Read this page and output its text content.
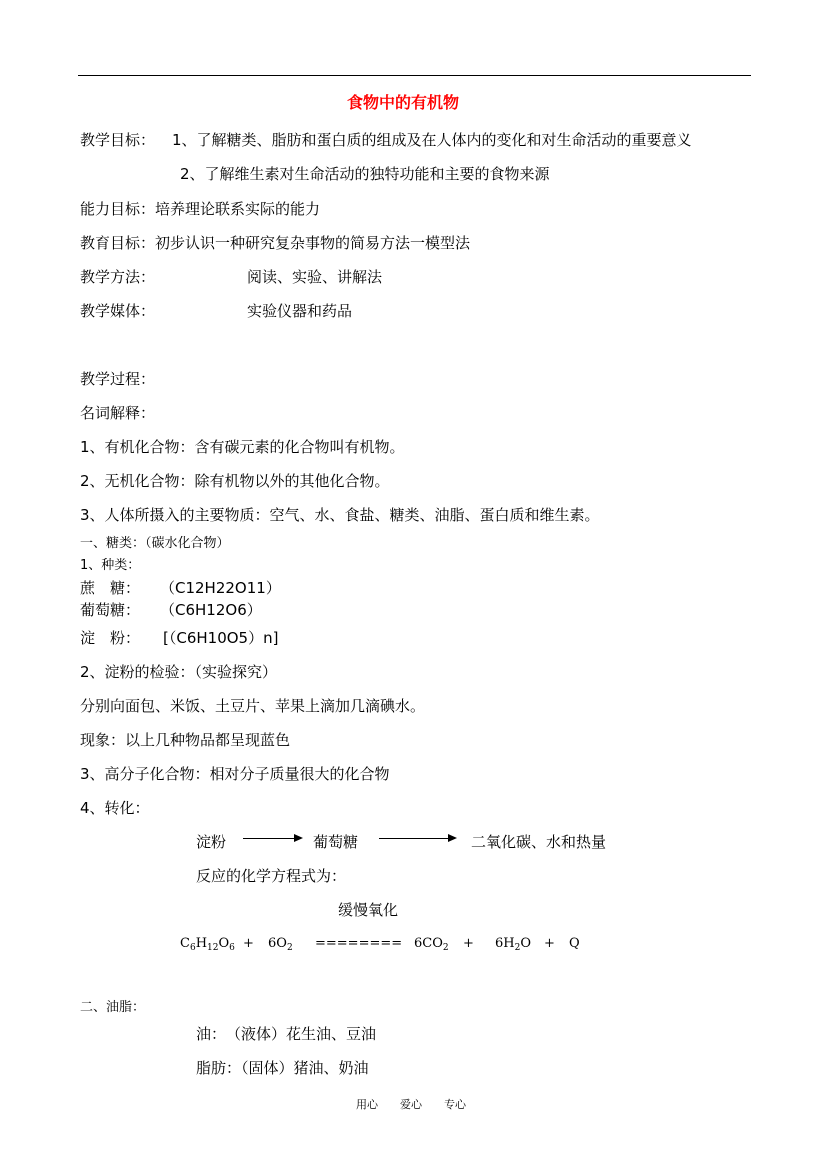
食物中的有机物
教学目标： 1、了解糖类、脂肪和蛋白质的组成及在人体内的变化和对生命活动的重要意义
2、了解维生素对生命活动的独特功能和主要的食物来源
能力目标：培养理论联系实际的能力
教育目标：初步认识一种研究复杂事物的简易方法一模型法
教学方法：	阅读、实验、讲解法
教学媒体：	实验仪器和药品
教学过程：
名词解释：
1、有机化合物：含有碳元素的化合物叫有机物。
2、无机化合物：除有机物以外的其他化合物。
3、人体所摄入的主要物质：空气、水、食盐、糖类、油脂、蛋白质和维生素。
一、糖类：（碳水化合物）
1、种类：
蔗　糖： （C12H22O11）
葡萄糖： （C6H12O6）
淀　粉： [（C6H10O5）n]
2、淀粉的检验：（实验探究）
分别向面包、米饭、土豆片、苹果上滴加几滴碘水。
现象：以上几种物品都呈现蓝色
3、高分子化合物：相对分子质量很大的化合物
4、转化：
淀粉	葡萄糖	二氧化碳、水和热量
反应的化学方程式为：
缓慢氧化
$C_6H_{12}O_6 + 6O_2$ ======== $6CO_2 + 6H_2O + Q$
二、油脂：
油：　（液体）花生油、豆油
脂肪：（固体）猪油、奶油
用心　　爱心　　专心
